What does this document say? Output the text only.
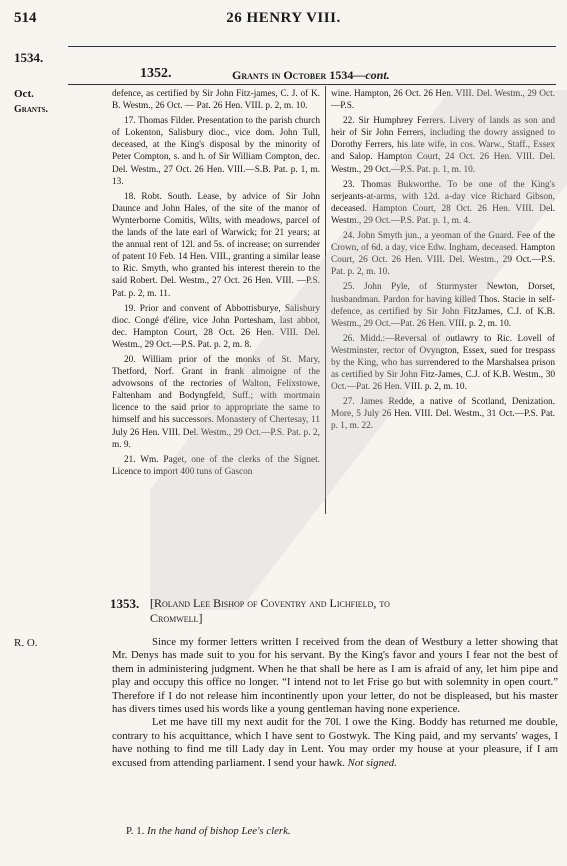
514	26 HENRY VIII.
1534.
1352.	Grants in October 1534—cont.
Oct.
Grants.

defence, as certified by Sir John Fitz-james, C. J. of K. B. Westm., 26 Oct. — Pat. 26 Hen. VIII. p. 2, m. 10.

17. Thomas Filder. Presentation to the parish church of Lokenton, Salisbury dioc., vice dom. John Tull, deceased, at the King's disposal by the minority of Peter Compton, s. and h. of Sir William Compton, dec. Del. Westm., 27 Oct. 26 Hen. VIII.—S.B. Pat. p. 1, m. 13.

18. Robt. South. Lease, by advice of Sir John Daunce and John Hales, of the site of the manor of Wynterborne Comitis, Wilts, with meadows, parcel of the lands of the late earl of Warwick; for 21 years; at the annual rent of 12l. and 5s. of increase; on surrender of patent 10 Feb. 14 Hen. VIII., granting a similar lease to Ric. Smyth, who granted his interest therein to the said Robert. Del. Westm., 27 Oct. 26 Hen. VIII. —P.S. Pat. p. 2, m. 11.

19. Prior and convent of Abbottisburye, Salisbury dioc. Congé d'élire, vice John Portesham, last abbot, dec. Hampton Court, 28 Oct. 26 Hen. VIII. Del. Westm., 29 Oct.—P.S. Pat. p. 2, m. 8.

20. William prior of the monks of St. Mary, Thetford, Norf. Grant in frank almoigne of the advowsons of the rectories of Walton, Felixstowe, Faltenham and Bodyngfeld, Suff.; with mortmain licence to the said prior to appropriate the same to himself and his successors. Monastery of Chertesay, 11 July 26 Hen. VIII. Del. Westm., 29 Oct.—P.S. Pat. p. 2, m. 9.

21. Wm. Paget, one of the clerks of the Signet. Licence to import 400 tuns of Gascon

wine. Hampton, 26 Oct. 26 Hen. VIII. Del. Westm., 29 Oct.—P.S.

22. Sir Humphrey Ferrers. Livery of lands as son and heir of Sir John Ferrers, including the dowry assigned to Dorothy Ferrers, his late wife, in cos. Warw., Staff., Essex and Salop. Hampton Court, 24 Oct. 26 Hen. VIII. Del. Westm., 29 Oct.—P.S. Pat. p. 1, m. 10.

23. Thomas Bukworthe. To be one of the King's serjeants-at-arms, with 12d. a-day vice Richard Gibson, deceased. Hampton Court, 28 Oct. 26 Hen. VIII. Del. Westm., 29 Oct.—P.S. Pat. p. 1, m. 4.

24. John Smyth jun., a yeoman of the Guard. Fee of the Crown, of 6d. a day, vice Edw. Ingham, deceased. Hampton Court, 26 Oct. 26 Hen. VIII. Del. Westm., 29 Oct.—P.S. Pat. p. 2, m. 10.

25. John Pyle, of Sturmyster Newton, Dorset, husbandman. Pardon for having killed Thos. Stacie in self-defence, as certified by Sir John FitzJames, C.J. of K.B. Westm., 29 Oct.—Pat. 26 Hen. VIII. p. 2, m. 10.

26. Midd.:—Reversal of outlawry to Ric. Lovell of Westminster, rector of Ovyngton, Essex, sued for trespass by the King, who has surrendered to the Marshalsea prison as certified by Sir John Fitz-James, C.J. of K.B. Westm., 30 Oct.—Pat. 26 Hen. VIII. p. 2, m. 10.

27. James Redde, a native of Scotland, Denization. More, 5 July 26 Hen. VIII. Del. Westm., 31 Oct.—P.S. Pat. p. 1, m. 22.

1353. [Roland Lee Bishop of Coventry and Lichfield, to
Cromwell]
R. O.	Since my former letters written I received from the dean of Westbury a letter showing that Mr. Denys has made suit to you for his servant. By the King's favor and yours I fear not the best of them in administering judgment. When he that shall be here as I am is afraid of any, let him pipe and play and occupy this office no longer. “I intend not to let Frise go but with solemnity in open court.” Therefore if I do not release him incontinently upon your letter, do not be displeased, but his master has divers times used his words like a young gentleman having none experience.

Let me have till my next audit for the 70l. I owe the King. Boddy has returned me double, contrary to his acquittance, which I have sent to Gostwyk. The King paid, and my servants' wages, I have nothing to find me till Lady day in Lent. You may order my house at your pleasure, if I am excused from attending parliament. I send your hawk. Not signed.

P. 1. In the hand of bishop Lee's clerk.
